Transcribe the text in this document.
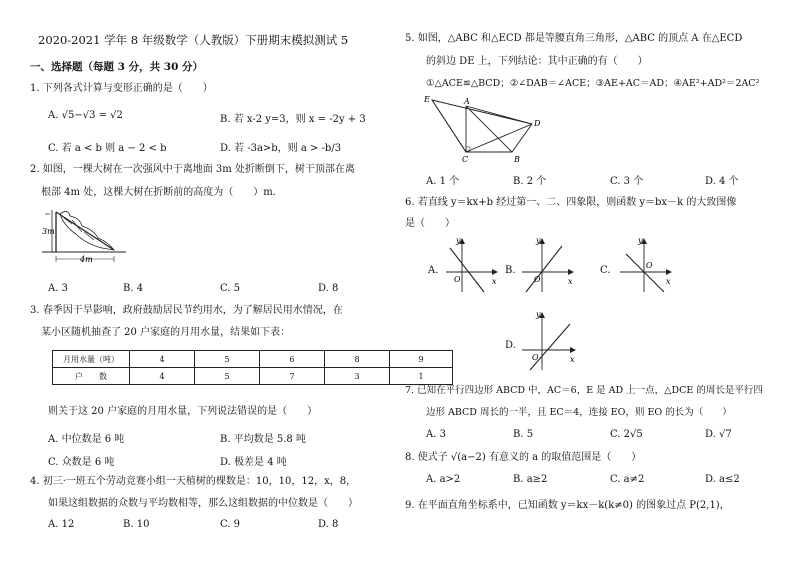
2020-2021 学年 8 年级数学（人教版）下册期末模拟测试 5
一、选择题（每题 3 分，共 30 分）
1. 下列各式计算与变形正确的是（　　）
A. √5−√3 = √2	B. 若 x-2 y=3，则 x = -2y + 3
C. 若 a < b 则 a − 2 < b	D. 若 -3a>b，则 a > -b/3
2. 如图，一棵大树在一次强风中于离地面 3m 处折断倒下，树干顶部在离
根部 4m 处，这棵大树在折断前的高度为（　　）m.
3m
4m
A. 3	B. 4	C. 5	D. 8
3. 春季因干旱影响，政府鼓励居民节约用水，为了解居民用水情况，在
某小区随机抽查了 20 户家庭的月用水量，结果如下表：
月用水量（吨）	4	5	6	8	9
户　　数	4	5	7	3	1
则关于这 20 户家庭的月用水量，下列说法错误的是（　　）
A. 中位数是 6 吨	B. 平均数是 5.8 吨
C. 众数是 6 吨	D. 极差是 4 吨
4. 初三·一班五个劳动竞赛小组一天植树的棵数是：10，10，12，x，8，
如果这组数据的众数与平均数相等，那么这组数据的中位数是（　　）
A. 12	B. 10	C. 9	D. 8
5. 如图，△ABC 和△ECD 都是等腰直角三角形，△ABC 的顶点 A 在△ECD
的斜边 DE 上，下列结论：其中正确的有（　　）
①△ACE≌△BCD；②∠DAB＝∠ACE；③AE+AC＝AD；④AE²+AD²＝2AC²
E	A
D
C	B
A. 1 个	B. 2 个	C. 3 个	D. 4 个
6. 若直线 y＝kx+b 经过第一、二、四象限，则函数 y＝bx－k 的大致图像
是（　　）
A.
y
x
O
B.
y
x
O
C.
y
x
O
D.
y
x
O
7. 已知在平行四边形 ABCD 中，AC＝6，E 是 AD 上一点，△DCE 的周长是平行四
边形 ABCD 周长的一半，且 EC＝4，连接 EO，则 EO 的长为（　　）
A. 3	B. 5	C. 2√5	D. √7
8. 使式子 √(a−2) 有意义的 a 的取值范围是（　　）
A. a>2	B. a≥2	C. a≠2	D. a≤2
9. 在平面直角坐标系中，已知函数 y＝kx－k(k≠0) 的图象过点 P(2,1)，
